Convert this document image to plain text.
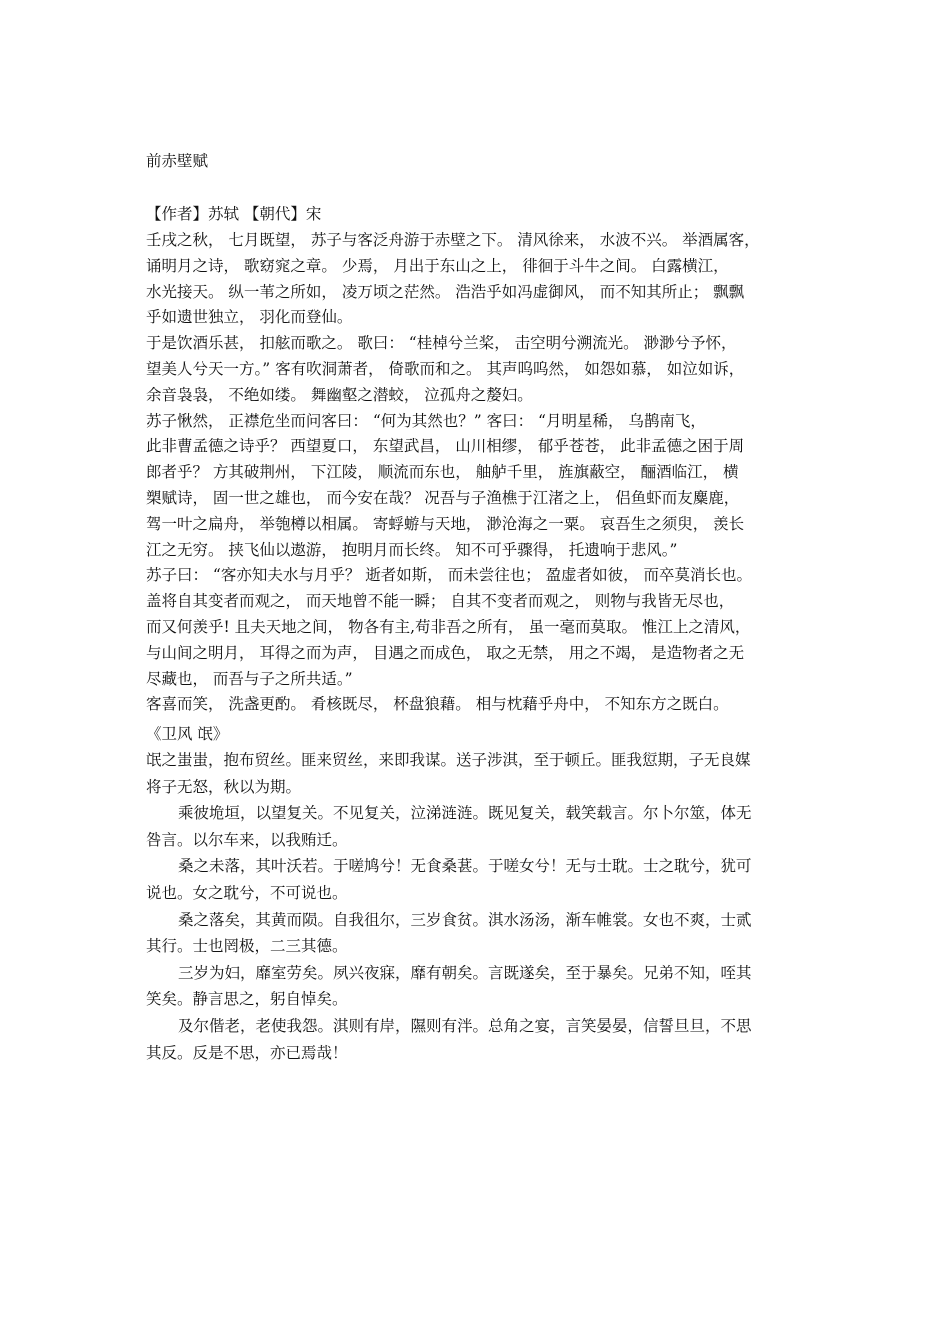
前赤壁赋
【作者】苏轼 【朝代】宋
壬戌之秋， 七月既望， 苏子与客泛舟游于赤壁之下。 清风徐来， 水波不兴。 举酒属客，
诵明月之诗， 歌窈窕之章。 少焉， 月出于东山之上， 徘徊于斗牛之间。 白露横江，
水光接天。 纵一苇之所如， 凌万顷之茫然。 浩浩乎如冯虚御风， 而不知其所止； 飘飘
乎如遗世独立， 羽化而登仙。
于是饮酒乐甚， 扣舷而歌之。 歌曰： “桂棹兮兰桨， 击空明兮溯流光。 渺渺兮予怀，
望美人兮天一方。” 客有吹洞萧者， 倚歌而和之。 其声呜呜然， 如怨如慕， 如泣如诉，
余音袅袅， 不绝如缕。 舞幽壑之潜蛟， 泣孤舟之嫠妇。
苏子愀然， 正襟危坐而问客曰： “何为其然也？” 客曰： “月明星稀， 乌鹊南飞，
此非曹孟德之诗乎？ 西望夏口， 东望武昌， 山川相缪， 郁乎苍苍， 此非孟德之困于周
郎者乎？ 方其破荆州， 下江陵， 顺流而东也， 舳舻千里， 旌旗蔽空， 酾酒临江， 横
槊赋诗， 固一世之雄也， 而今安在哉？ 况吾与子渔樵于江渚之上， 侣鱼虾而友麋鹿，
驾一叶之扁舟， 举匏樽以相属。 寄蜉蝣与天地， 渺沧海之一粟。 哀吾生之须臾， 羡长
江之无穷。 挟飞仙以遨游， 抱明月而长终。 知不可乎骤得， 托遗响于悲风。”
苏子曰： “客亦知夫水与月乎？ 逝者如斯， 而未尝往也； 盈虚者如彼， 而卒莫消长也。
盖将自其变者而观之， 而天地曾不能一瞬； 自其不变者而观之， 则物与我皆无尽也，
而又何羡乎! 且夫天地之间， 物各有主,苟非吾之所有， 虽一毫而莫取。 惟江上之清风，
与山间之明月， 耳得之而为声， 目遇之而成色， 取之无禁， 用之不竭， 是造物者之无
尽藏也， 而吾与子之所共适。”
客喜而笑， 洗盏更酌。 肴核既尽， 杯盘狼藉。 相与枕藉乎舟中， 不知东方之既白。
《卫风 氓》
氓之蚩蚩，抱布贸丝。匪来贸丝，来即我谋。送子涉淇，至于顿丘。匪我愆期，子无良媒
将子无怒，秋以为期。
乘彼垝垣，以望复关。不见复关，泣涕涟涟。既见复关，载笑载言。尔卜尔筮，体无
咎言。以尔车来，以我贿迁。
桑之未落，其叶沃若。于嗟鸠兮！无食桑葚。于嗟女兮！无与士耽。士之耽兮，犹可
说也。女之耽兮，不可说也。
桑之落矣，其黄而陨。自我徂尔，三岁食贫。淇水汤汤，渐车帷裳。女也不爽，士贰
其行。士也罔极，二三其德。
三岁为妇，靡室劳矣。夙兴夜寐，靡有朝矣。言既遂矣，至于暴矣。兄弟不知，咥其
笑矣。静言思之，躬自悼矣。
及尔偕老，老使我怨。淇则有岸，隰则有泮。总角之宴，言笑晏晏，信誓旦旦，不思
其反。反是不思，亦已焉哉！
